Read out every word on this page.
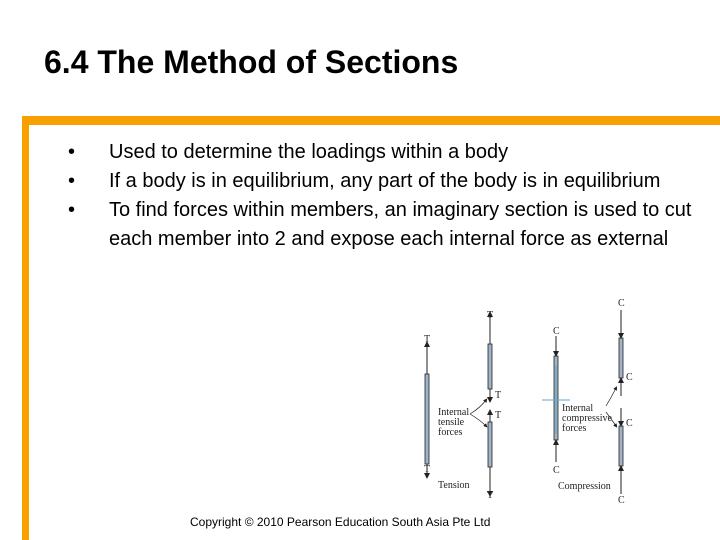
6.4 The Method of Sections
• Used to determine the loadings within a body
• If a body is in equilibrium, any part of the body is in equilibrium
• To find forces within members, an imaginary section is used to cut each member into 2 and expose each internal force as external
T
T
T
T
T
T
Internal
tensile
forces
Tension
C
C
C
C
C
C
Internal
compressive
forces
Compression
Copyright © 2010 Pearson Education South Asia Pte Ltd
